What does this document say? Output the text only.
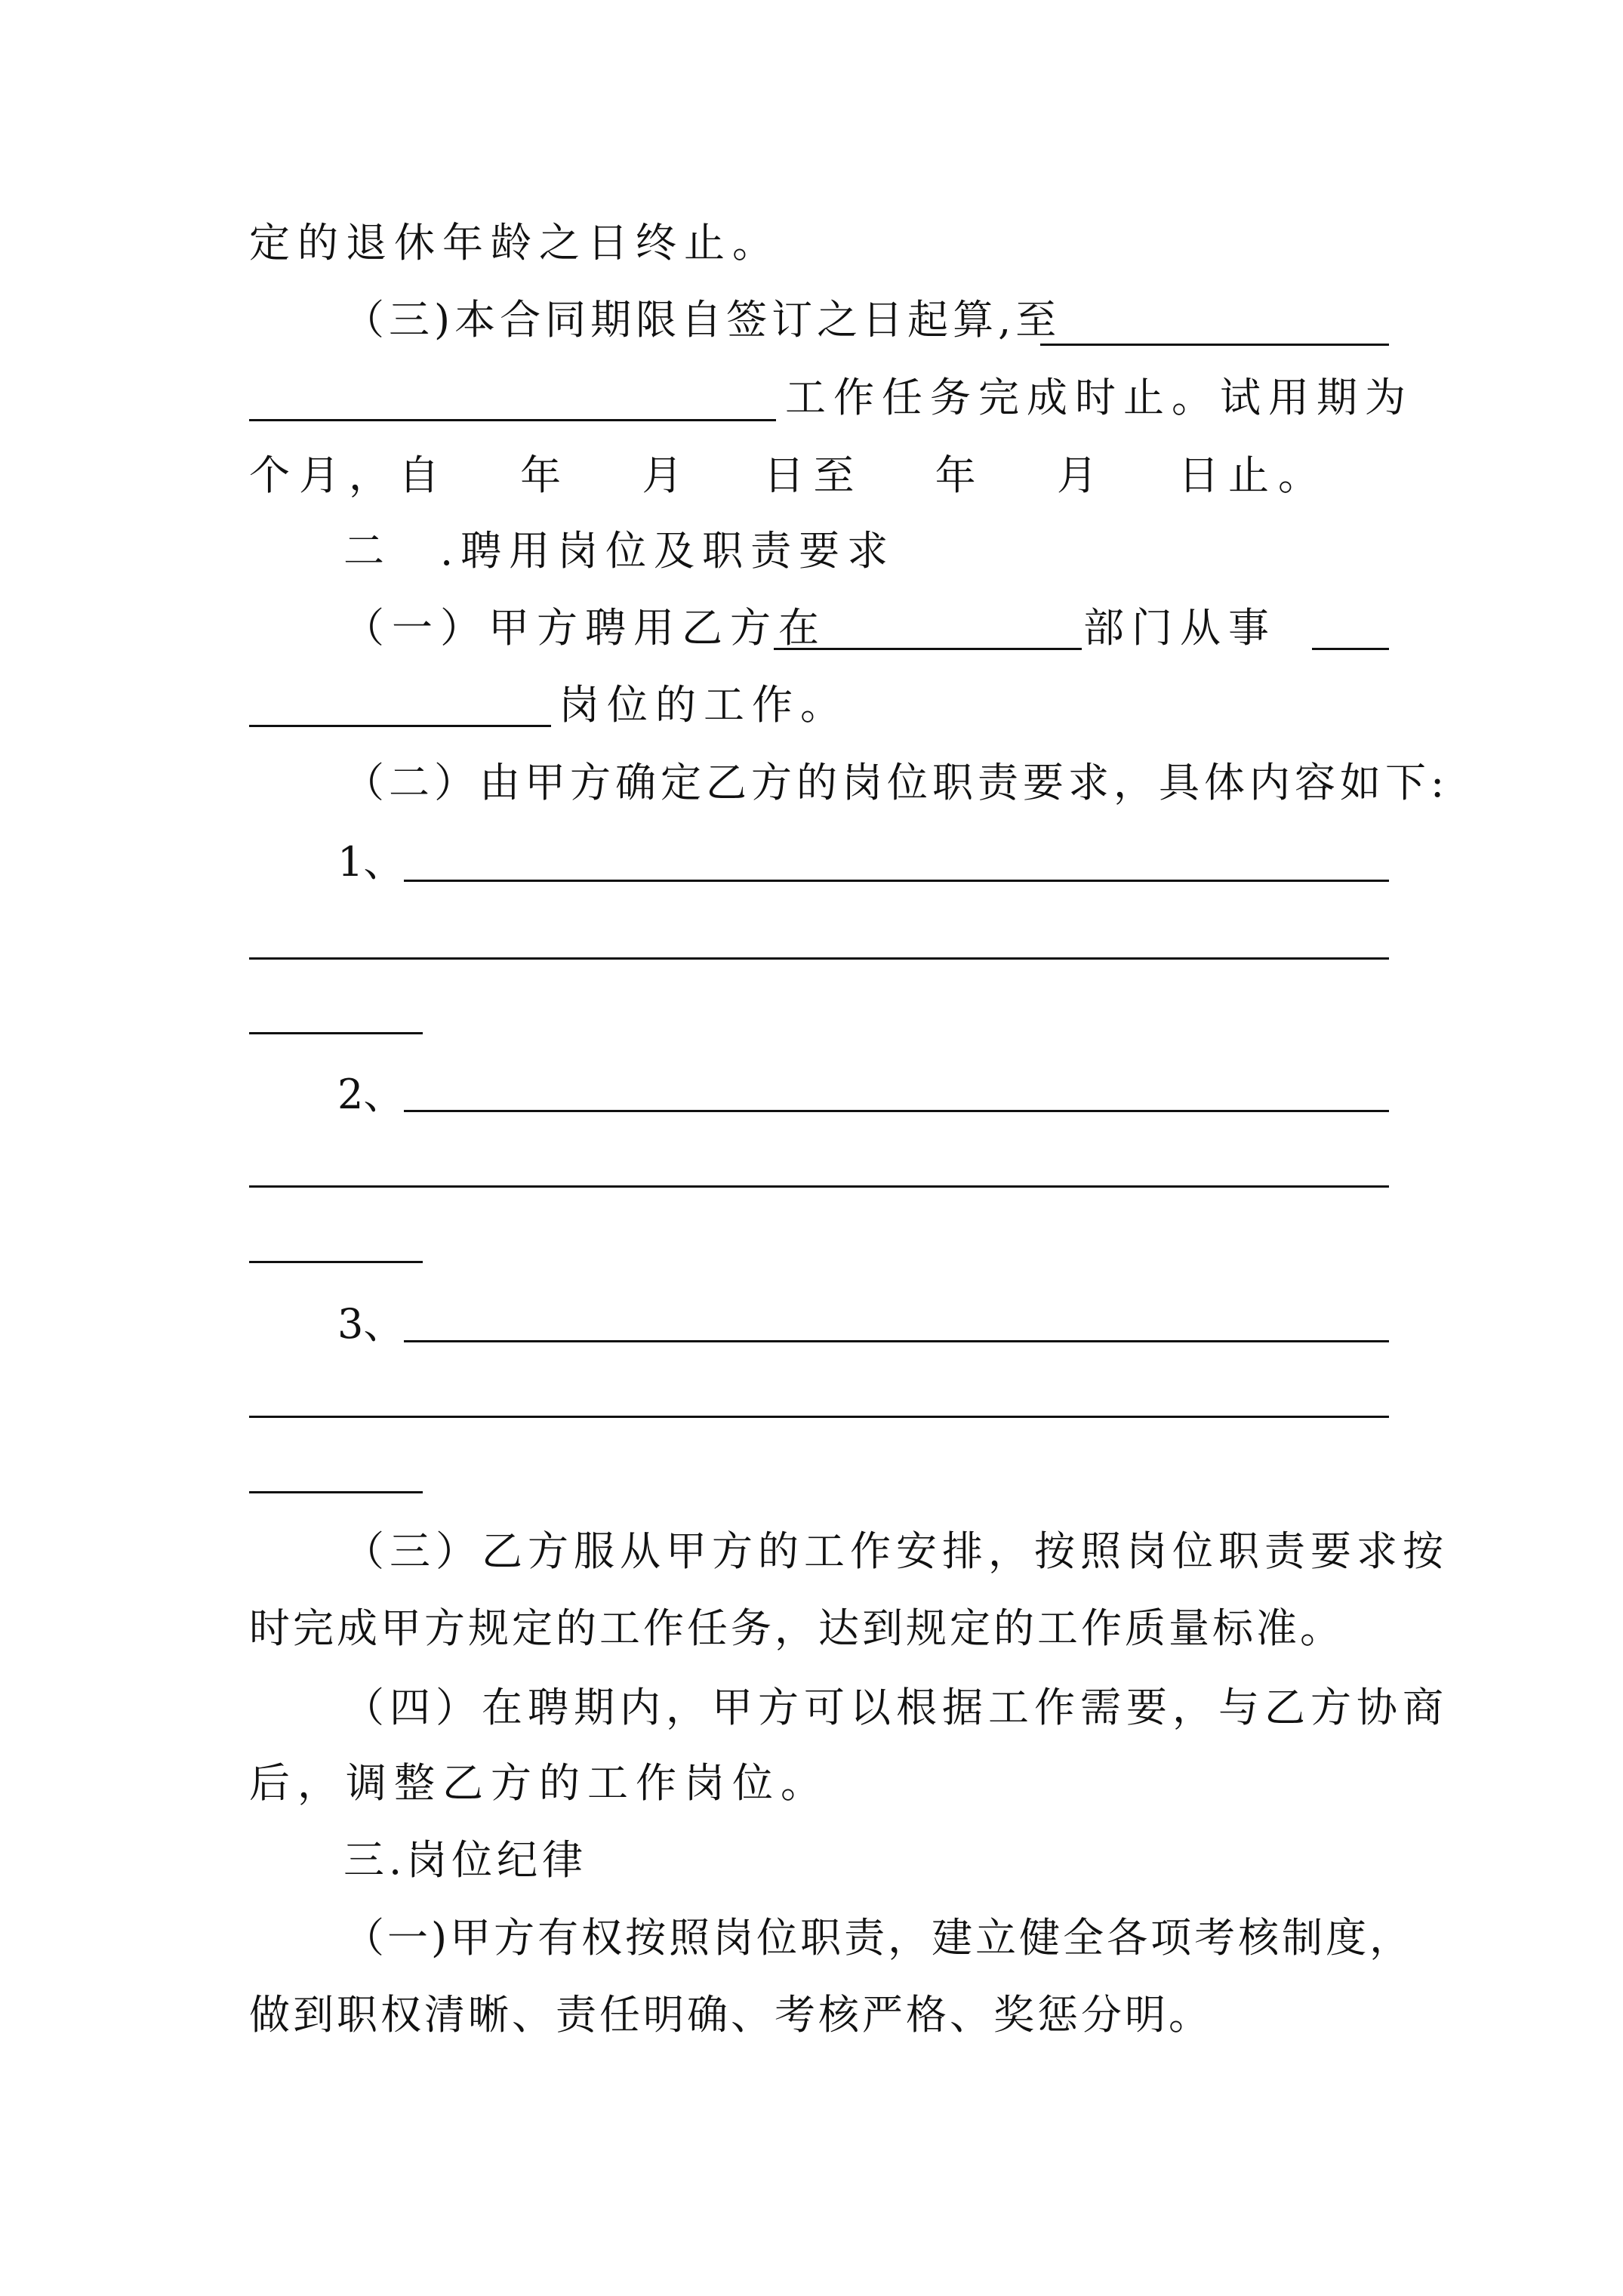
定的退休年龄之日终止。
（三)本合同期限自签订之日起算,至
工作任务完成时止。试用期为
个月，自　 年　 月　 日至　 年　 月　 日止。
二　.聘用岗位及职责要求
（一）甲方聘用乙方在	部门从事
岗位的工作。
（二）由甲方确定乙方的岗位职责要求，具体内容如下:
1、
2、
3、
（三）乙方服从甲方的工作安排，按照岗位职责要求按
时完成甲方规定的工作任务，达到规定的工作质量标准。
（四）在聘期内，甲方可以根据工作需要，与乙方协商
后，调整乙方的工作岗位。
三.岗位纪律
（一)甲方有权按照岗位职责，建立健全各项考核制度，
做到职权清晰、责任明确、考核严格、奖惩分明。
